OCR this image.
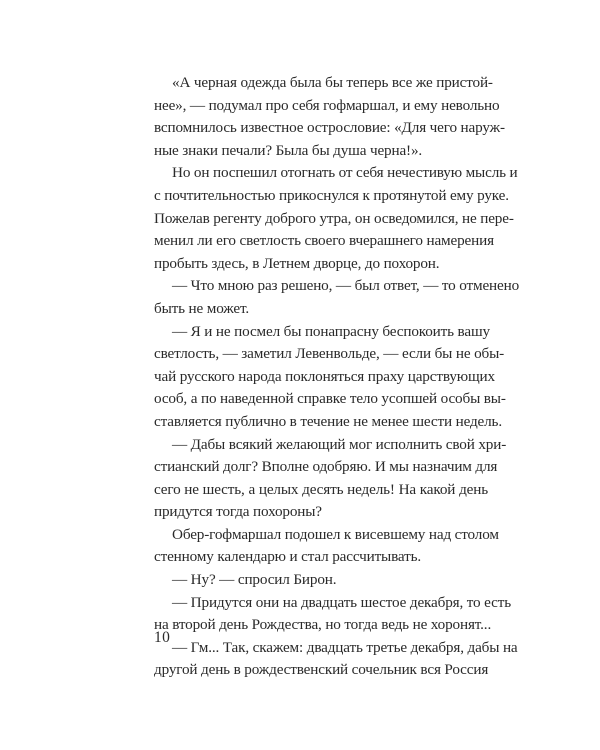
«А черная одежда была бы теперь все же пристой-
нее», — подумал про себя гофмаршал, и ему невольно
вспомнилось известное острословие: «Для чего наруж-
ные знаки печали? Была бы душа черна!».
Но он поспешил отогнать от себя нечестивую мысль и
с почтительностью прикоснулся к протянутой ему руке.
Пожелав регенту доброго утра, он осведомился, не пере-
менил ли его светлость своего вчерашнего намерения
пробыть здесь, в Летнем дворце, до похорон.
— Что мною раз решено, — был ответ, — то отменено
быть не может.
— Я и не посмел бы понапрасну беспокоить вашу
светлость, — заметил Левенвольде, — если бы не обы-
чай русского народа поклоняться праху царствующих
особ, а по наведенной справке тело усопшей особы вы-
ставляется публично в течение не менее шести недель.
— Дабы всякий желающий мог исполнить свой хри-
стианский долг? Вполне одобряю. И мы назначим для
сего не шесть, а целых десять недель! На какой день
придутся тогда похороны?
Обер-гофмаршал подошел к висевшему над столом
стенному календарю и стал рассчитывать.
— Ну? — спросил Бирон.
— Придутся они на двадцать шестое декабря, то есть
на второй день Рождества, но тогда ведь не хоронят...
— Гм... Так, скажем: двадцать третье декабря, дабы на
другой день в рождественский сочельник вся Россия
10
